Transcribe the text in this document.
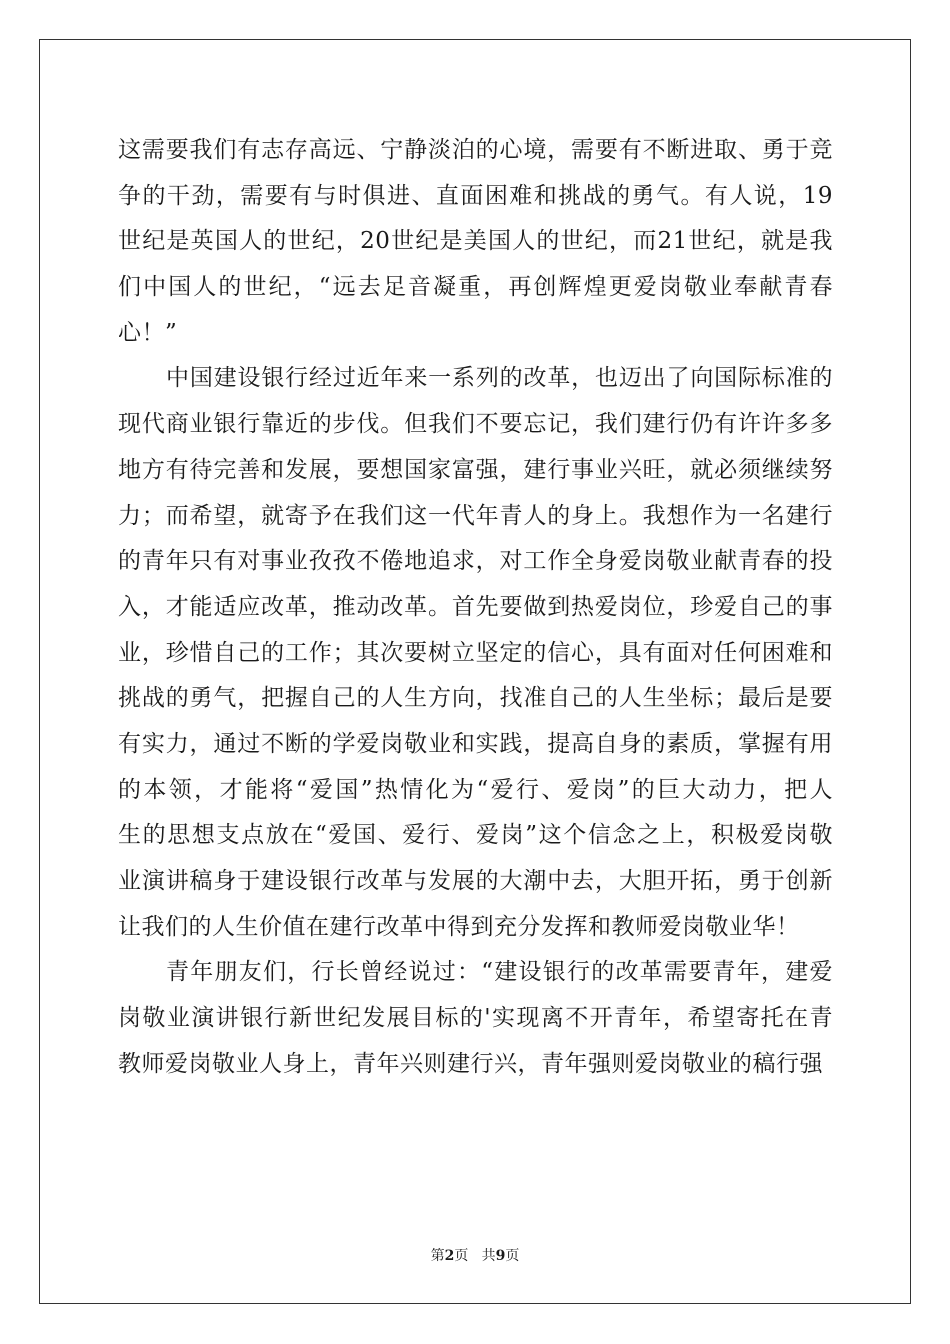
这需要我们有志存高远、宁静淡泊的心境，需要有不断进取、勇于竞
争的干劲，需要有与时俱进、直面困难和挑战的勇气。有人说，19
世纪是英国人的世纪，20世纪是美国人的世纪，而21世纪，就是我
们中国人的世纪，“远去足音凝重，再创辉煌更爱岗敬业奉献青春
心！”
中国建设银行经过近年来一系列的改革，也迈出了向国际标准的
现代商业银行靠近的步伐。但我们不要忘记，我们建行仍有许许多多
地方有待完善和发展，要想国家富强，建行事业兴旺，就必须继续努
力；而希望，就寄予在我们这一代年青人的身上。我想作为一名建行
的青年只有对事业孜孜不倦地追求，对工作全身爱岗敬业献青春的投
入，才能适应改革，推动改革。首先要做到热爱岗位，珍爱自己的事
业，珍惜自己的工作；其次要树立坚定的信心，具有面对任何困难和
挑战的勇气，把握自己的人生方向，找准自己的人生坐标；最后是要
有实力，通过不断的学爱岗敬业和实践，提高自身的素质，掌握有用
的本领，才能将“爱国”热情化为“爱行、爱岗”的巨大动力，把人
生的思想支点放在“爱国、爱行、爱岗”这个信念之上，积极爱岗敬
业演讲稿身于建设银行改革与发展的大潮中去，大胆开拓，勇于创新
让我们的人生价值在建行改革中得到充分发挥和教师爱岗敬业华！
青年朋友们，行长曾经说过：“建设银行的改革需要青年，建爱
岗敬业演讲银行新世纪发展目标的'实现离不开青年，希望寄托在青
教师爱岗敬业人身上，青年兴则建行兴，青年强则爱岗敬业的稿行强
第2页 共9页
